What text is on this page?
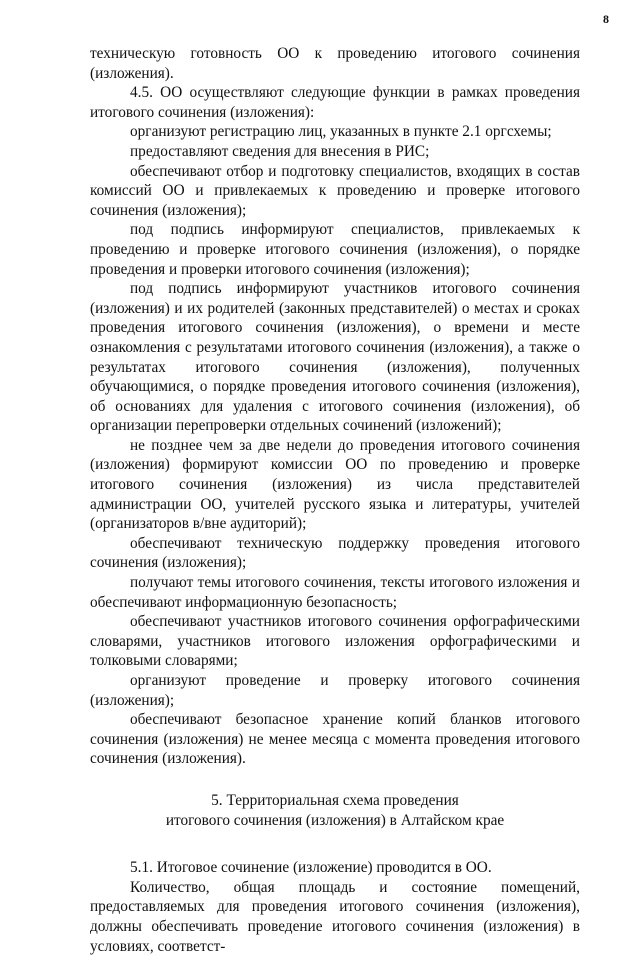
8

техническую готовность ОО к проведению итогового сочинения (изложения).

4.5. ОО осуществляют следующие функции в рамках проведения итогового сочинения (изложения):

организуют регистрацию лиц, указанных в пункте 2.1 оргсхемы;

предоставляют сведения для внесения в РИС;

обеспечивают отбор и подготовку специалистов, входящих в состав комиссий ОО и привлекаемых к проведению и проверке итогового сочинения (изложения);

под подпись информируют специалистов, привлекаемых к проведению и проверке итогового сочинения (изложения), о порядке проведения и проверки итогового сочинения (изложения);

под подпись информируют участников итогового сочинения (изложения) и их родителей (законных представителей) о местах и сроках проведения итогового сочинения (изложения), о времени и месте ознакомления с результатами итогового сочинения (изложения), а также о результатах итогового сочинения (изложения), полученных обучающимися, о порядке проведения итогового сочинения (изложения), об основаниях для удаления с итогового сочинения (изложения), об организации перепроверки отдельных сочинений (изложений);

не позднее чем за две недели до проведения итогового сочинения (изложения) формируют комиссии ОО по проведению и проверке итогового сочинения (изложения) из числа представителей администрации ОО, учителей русского языка и литературы, учителей (организаторов в/вне аудиторий);

обеспечивают техническую поддержку проведения итогового сочинения (изложения);

получают темы итогового сочинения, тексты итогового изложения и обеспечивают информационную безопасность;

обеспечивают участников итогового сочинения орфографическими словарями, участников итогового изложения орфографическими и толковыми словарями;

организуют проведение и проверку итогового сочинения (изложения);

обеспечивают безопасное хранение копий бланков итогового сочинения (изложения) не менее месяца с момента проведения итогового сочинения (изложения).

5. Территориальная схема проведения
итогового сочинения (изложения) в Алтайском крае

5.1. Итоговое сочинение (изложение) проводится в ОО.

Количество, общая площадь и состояние помещений, предоставляемых для проведения итогового сочинения (изложения), должны обеспечивать проведение итогового сочинения (изложения) в условиях, соответст-
